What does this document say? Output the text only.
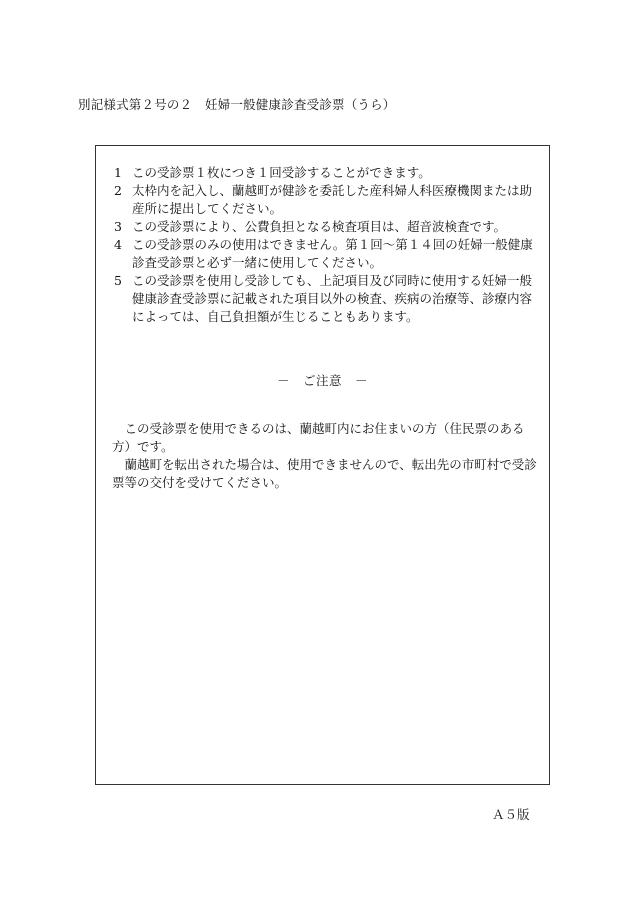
別記様式第２号の２　妊婦一般健康診査受診票（うら）
1 この受診票１枚につき１回受診することができます。
2 太枠内を記入し、蘭越町が健診を委託した産科婦人科医療機関または助産所に提出してください。
3 この受診票により、公費負担となる検査項目は、超音波検査です。
4 この受診票のみの使用はできません。第１回〜第１４回の妊婦一般健康診査受診票と必ず一緒に使用してください。
5 この受診票を使用し受診しても、上記項目及び同時に使用する妊婦一般健康診査受診票に記載された項目以外の検査、疾病の治療等、診療内容によっては、自己負担額が生じることもあります。
－　ご注意　－

この受診票を使用できるのは、蘭越町内にお住まいの方（住民票のある方）です。

蘭越町を転出された場合は、使用できませんので、転出先の市町村で受診票等の交付を受けてください。

Ａ５版
